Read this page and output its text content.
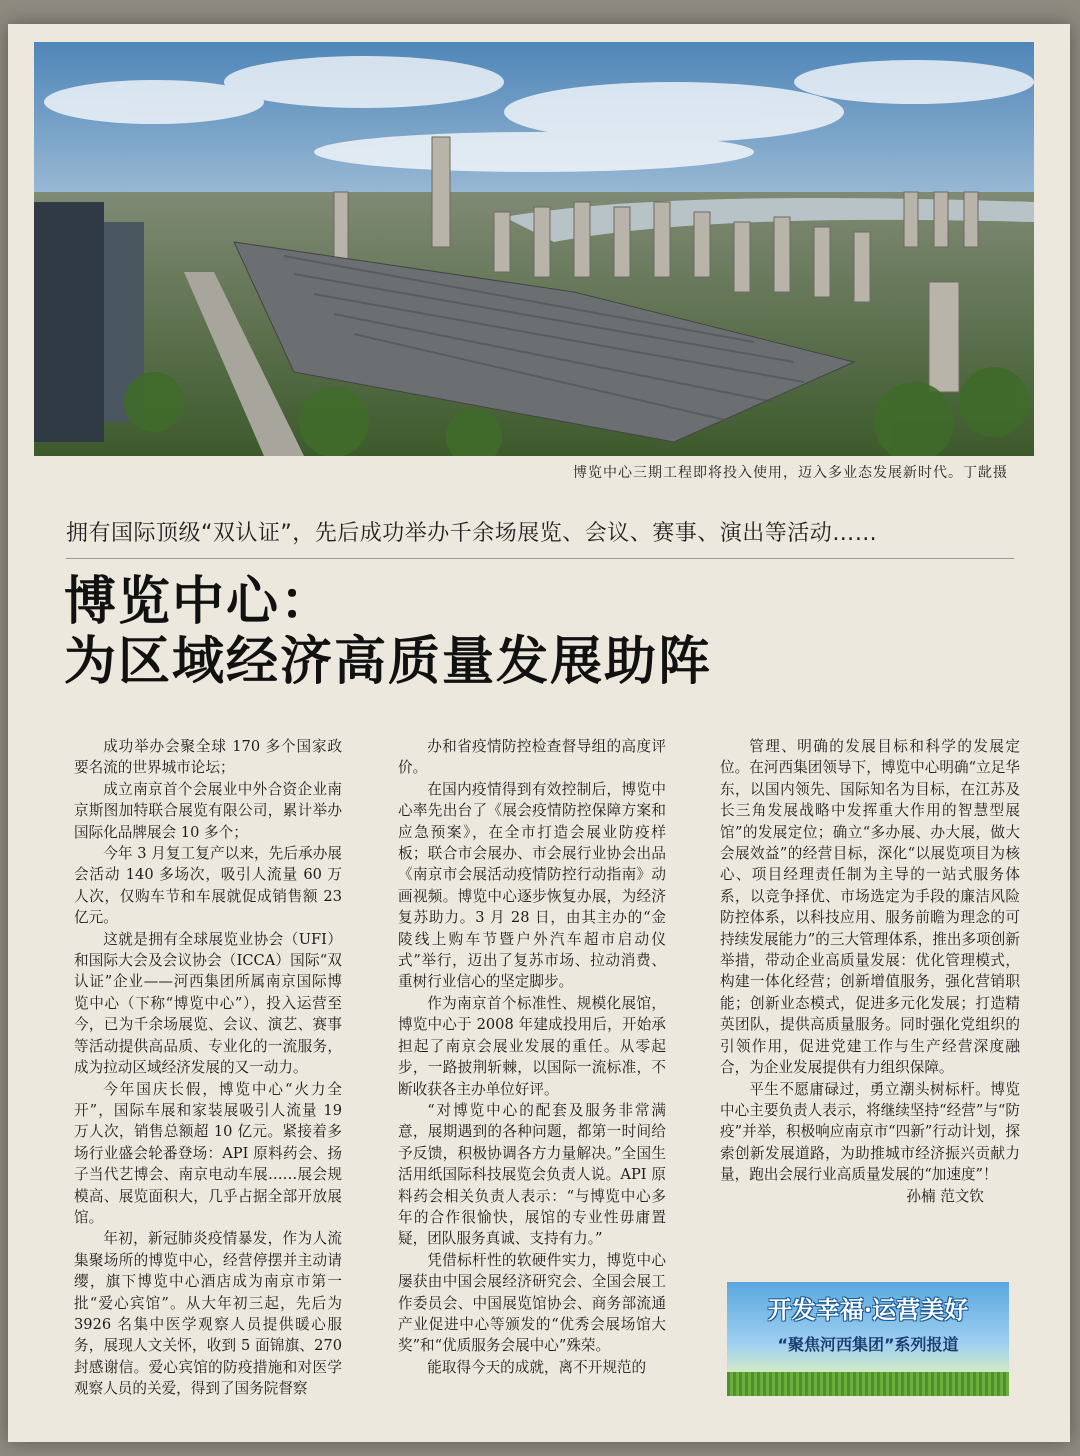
博览中心三期工程即将投入使用，迈入多业态发展新时代。丁龀摄
拥有国际顶级“双认证”，先后成功举办千余场展览、会议、赛事、演出等活动……
博览中心：
为区域经济高质量发展助阵

成功举办会聚全球 170 多个国家政要名流的世界城市论坛；

成立南京首个会展业中外合资企业南京斯图加特联合展览有限公司，累计举办国际化品牌展会 10 多个；

今年 3 月复工复产以来，先后承办展会活动 140 多场次，吸引人流量 60 万人次，仅购车节和车展就促成销售额 23 亿元。

这就是拥有全球展览业协会（UFI）和国际大会及会议协会（ICCA）国际“双认证”企业——河西集团所属南京国际博览中心（下称“博览中心”），投入运营至今，已为千余场展览、会议、演艺、赛事等活动提供高品质、专业化的一流服务，成为拉动区域经济发展的又一动力。

今年国庆长假，博览中心“火力全开”，国际车展和家装展吸引人流量 19 万人次，销售总额超 10 亿元。紧接着多场行业盛会轮番登场：API 原料药会、扬子当代艺博会、南京电动车展……展会规模高、展览面积大，几乎占据全部开放展馆。

年初，新冠肺炎疫情暴发，作为人流集聚场所的博览中心，经营停摆并主动请缨，旗下博览中心酒店成为南京市第一批“爱心宾馆”。从大年初三起，先后为 3926 名集中医学观察人员提供暖心服务，展现人文关怀，收到 5 面锦旗、270 封感谢信。爱心宾馆的防疫措施和对医学观察人员的关爱，得到了国务院督察

办和省疫情防控检查督导组的高度评价。

在国内疫情得到有效控制后，博览中心率先出台了《展会疫情防控保障方案和应急预案》，在全市打造会展业防疫样板；联合市会展办、市会展行业协会出品《南京市会展活动疫情防控行动指南》动画视频。博览中心逐步恢复办展，为经济复苏助力。3 月 28 日，由其主办的“金陵线上购车节暨户外汽车超市启动仪式”举行，迈出了复苏市场、拉动消费、重树行业信心的坚定脚步。

作为南京首个标准性、规模化展馆，博览中心于 2008 年建成投用后，开始承担起了南京会展业发展的重任。从零起步，一路披荆斩棘，以国际一流标准，不断收获各主办单位好评。

“对博览中心的配套及服务非常满意，展期遇到的各种问题，都第一时间给予反馈，积极协调各方力量解决。”全国生活用纸国际科技展览会负责人说。API 原料药会相关负责人表示：“与博览中心多年的合作很愉快，展馆的专业性毋庸置疑，团队服务真诚、支持有力。”

凭借标杆性的软硬件实力，博览中心屡获由中国会展经济研究会、全国会展工作委员会、中国展览馆协会、商务部流通产业促进中心等颁发的“优秀会展场馆大奖”和“优质服务会展中心”殊荣。

能取得今天的成就，离不开规范的

管理、明确的发展目标和科学的发展定位。在河西集团领导下，博览中心明确“立足华东，以国内领先、国际知名为目标，在江苏及长三角发展战略中发挥重大作用的智慧型展馆”的发展定位；确立“多办展、办大展，做大会展效益”的经营目标，深化“以展览项目为核心、项目经理责任制为主导的一站式服务体系，以竞争择优、市场选定为手段的廉洁风险防控体系，以科技应用、服务前瞻为理念的可持续发展能力”的三大管理体系，推出多项创新举措，带动企业高质量发展：优化管理模式，构建一体化经营；创新增值服务，强化营销职能；创新业态模式，促进多元化发展；打造精英团队，提供高质量服务。同时强化党组织的引领作用，促进党建工作与生产经营深度融合，为企业发展提供有力组织保障。

平生不愿庸碌过，勇立潮头树标杆。博览中心主要负责人表示，将继续坚持“经营”与“防疫”并举，积极响应南京市“四新”行动计划，探索创新发展道路，为助推城市经济振兴贡献力量，跑出会展行业高质量发展的“加速度”！

孙楠 范文钦

开发幸福·运营美好
“聚焦河西集团”系列报道
